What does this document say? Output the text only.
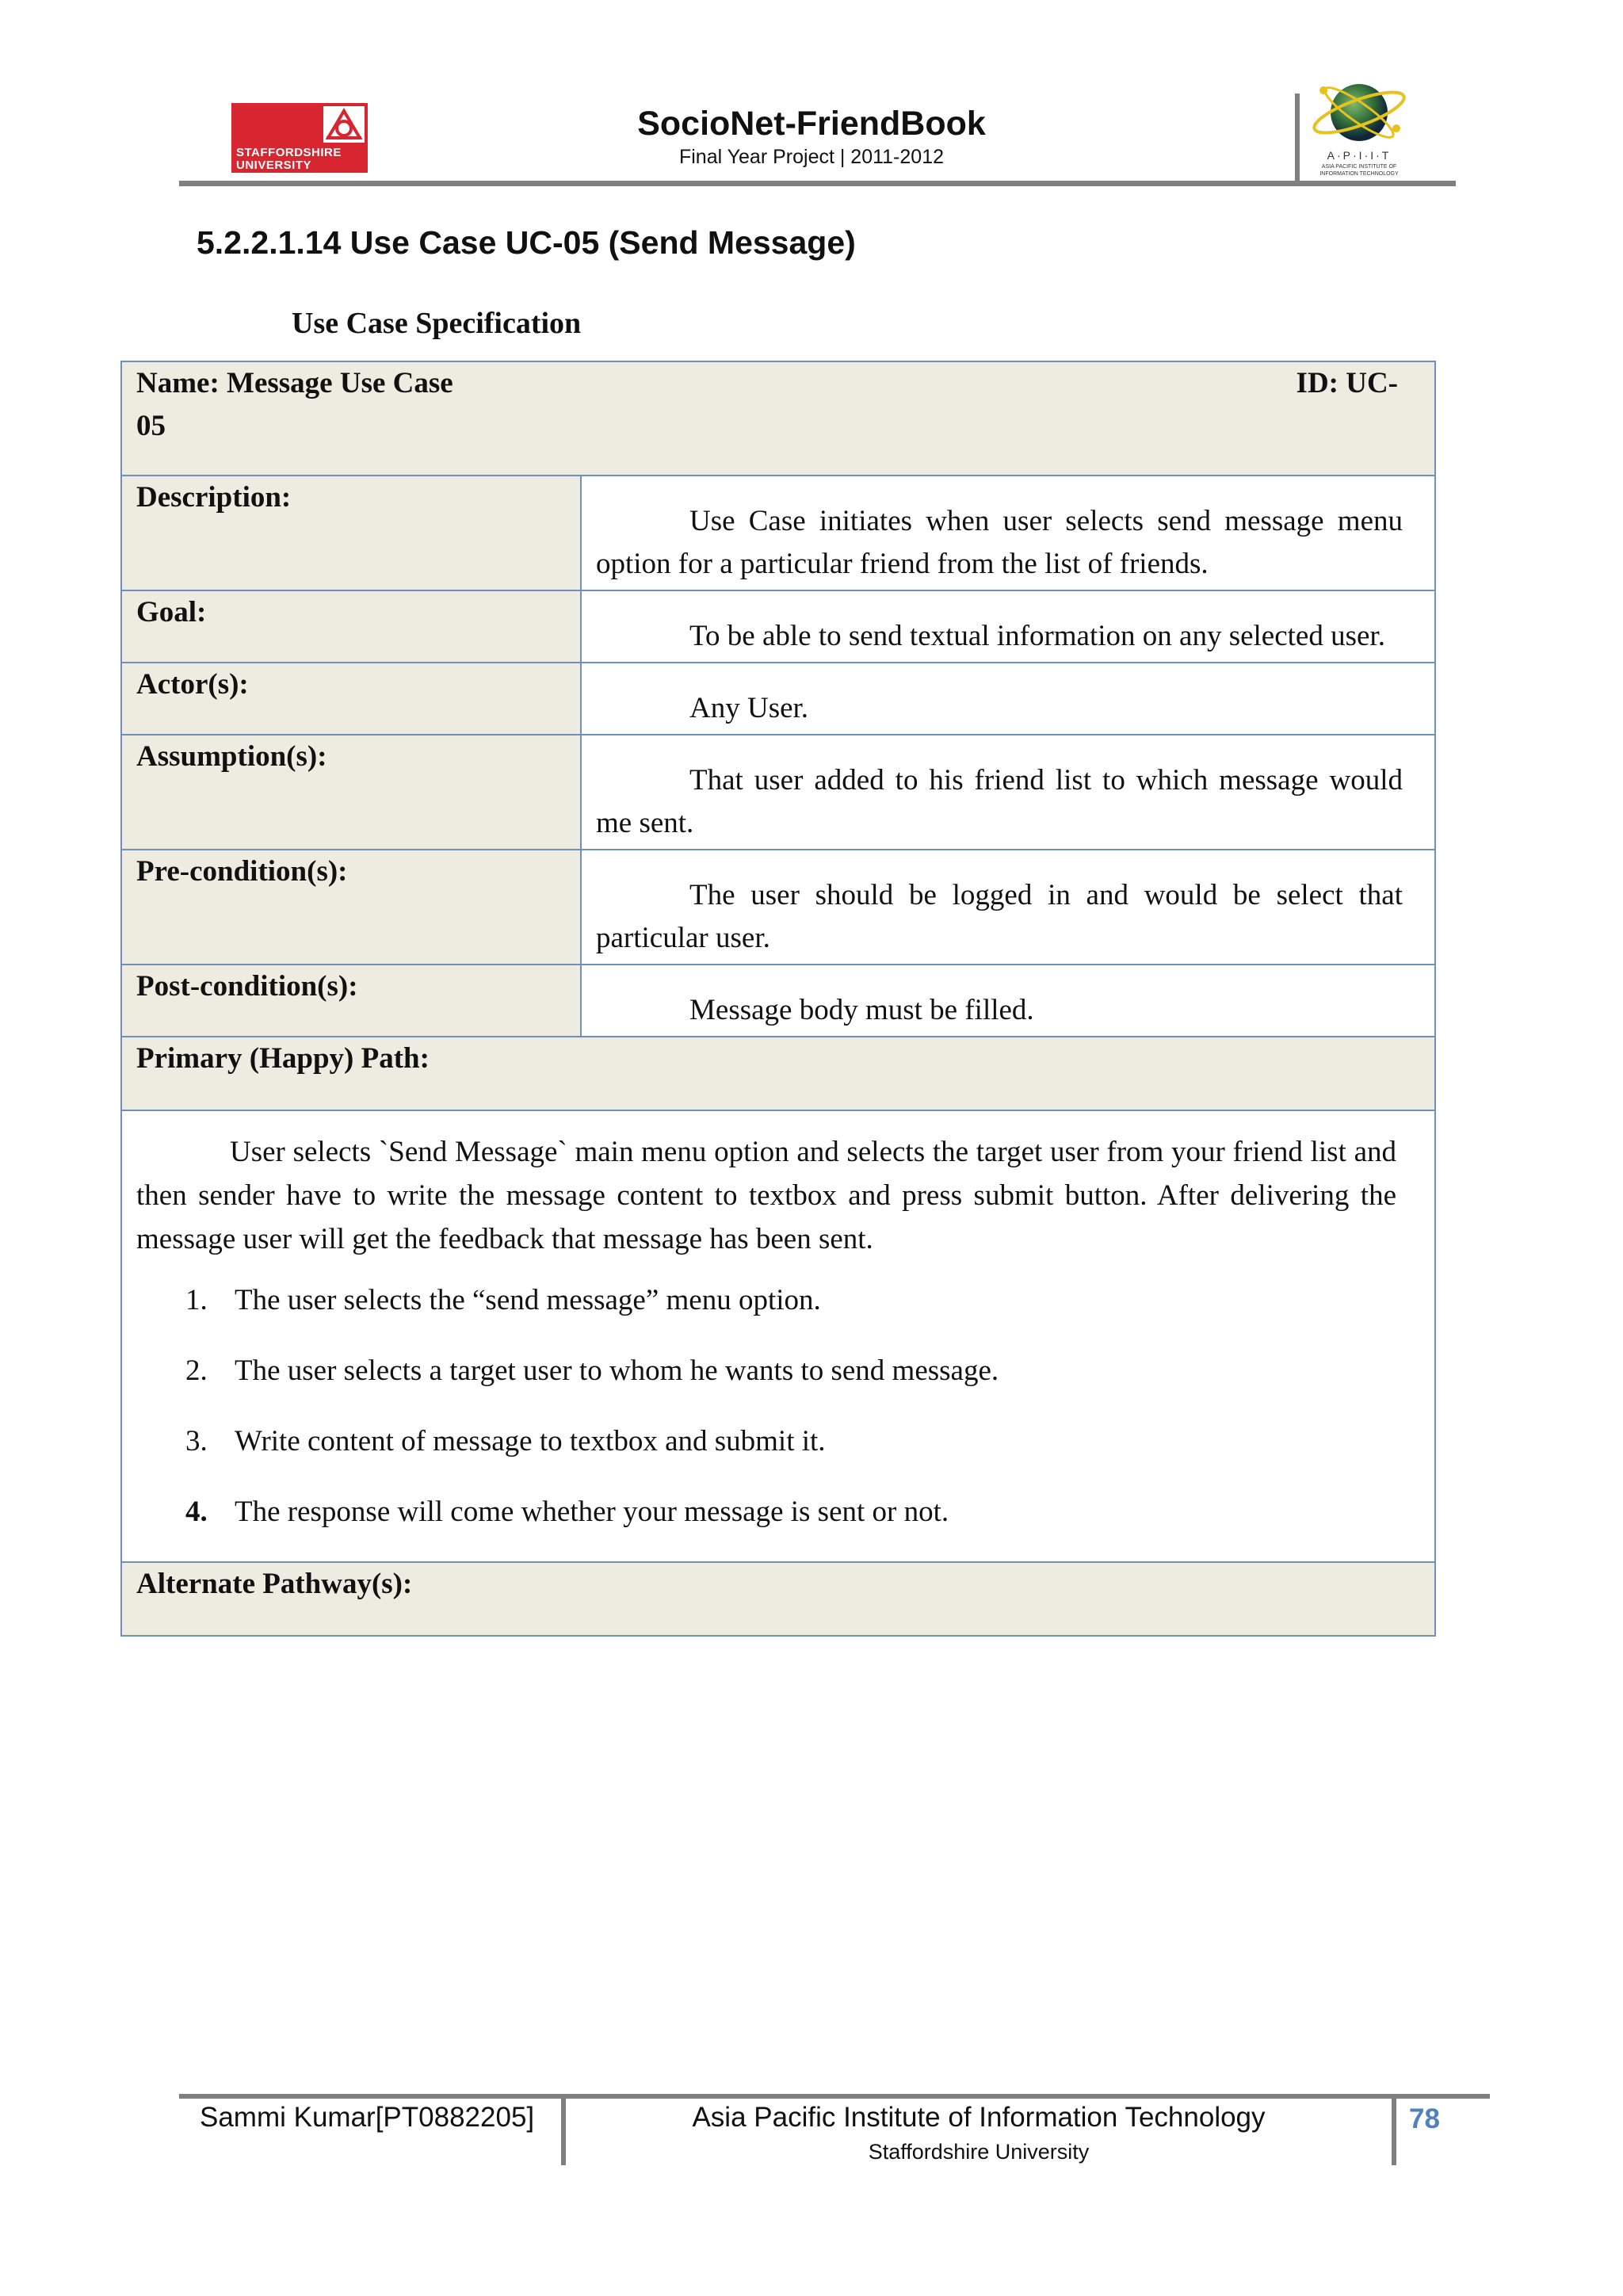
STAFFORDSHIRE
UNIVERSITY
SocioNet-FriendBook
Final Year Project | 2011-2012	A·P·I·I·T
ASIA PACIFIC INSTITUTE OF INFORMATION TECHNOLOGY
5.2.2.1.14 Use Case UC-05 (Send Message)
Use Case Specification
Name: Message Use Case	ID: UC-
05
Description:
Use Case initiates when user selects send message menu option for a particular friend from the list of friends.
Goal:
To be able to send textual information on any selected user.
Actor(s):
Any User.
Assumption(s):
That user added to his friend list to which message would me sent.
Pre-condition(s):
The user should be logged in and would be select that particular user.
Post-condition(s):
Message body must be filled.
Primary (Happy) Path:
User selects `Send Message` main menu option and selects the target user from your friend list and then sender have to write the message content to textbox and press submit button. After delivering the message user will get the feedback that message has been sent.
1. The user selects the “send message” menu option.
2. The user selects a target user to whom he wants to send message.
3. Write content of message to textbox and submit it.
4. The response will come whether your message is sent or not.
Alternate Pathway(s):
Sammi Kumar[PT0882205]	Asia Pacific Institute of Information Technology
Staffordshire University
78
